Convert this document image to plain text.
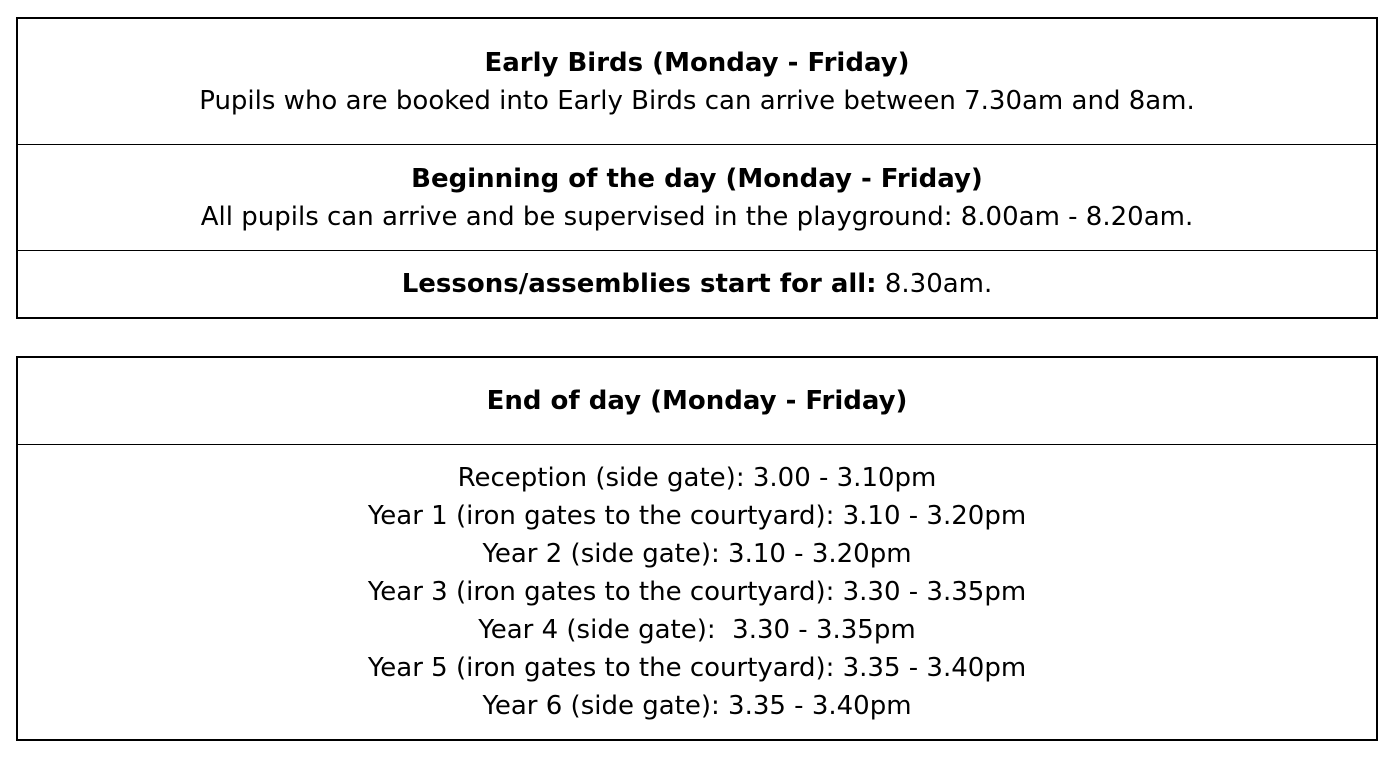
Early Birds (Monday - Friday)
Pupils who are booked into Early Birds can arrive between 7.30am and 8am.
Beginning of the day (Monday - Friday)
All pupils can arrive and be supervised in the playground: 8.00am - 8.20am.
Lessons/assemblies start for all: 8.30am.
End of day (Monday - Friday)
Reception (side gate): 3.00 - 3.10pm
Year 1 (iron gates to the courtyard): 3.10 - 3.20pm
Year 2 (side gate): 3.10 - 3.20pm
Year 3 (iron gates to the courtyard): 3.30 - 3.35pm
Year 4 (side gate):  3.30 - 3.35pm
Year 5 (iron gates to the courtyard): 3.35 - 3.40pm
Year 6 (side gate): 3.35 - 3.40pm
